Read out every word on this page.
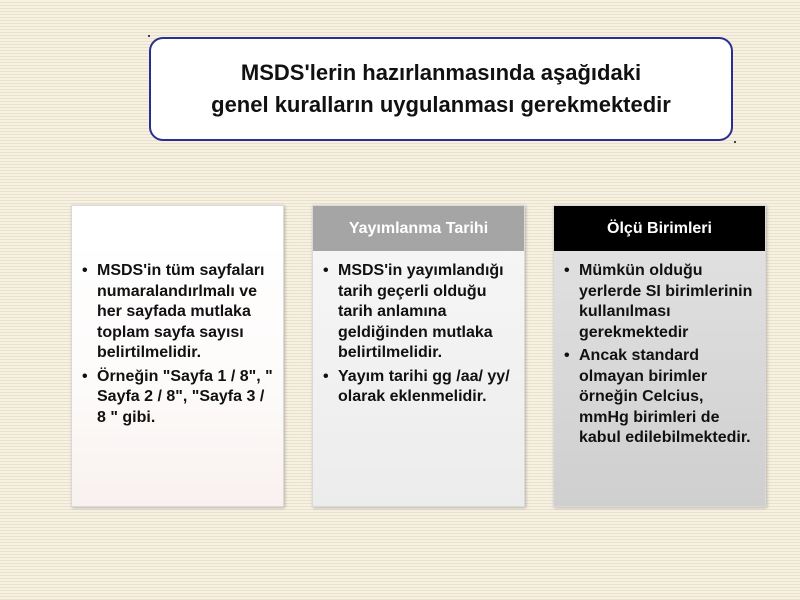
MSDS'lerin hazırlanmasında aşağıdaki
genel kuralların uygulanması gerekmektedir
• MSDS'in tüm sayfaları numaralandırlmalı ve her sayfada mutlaka toplam sayfa sayısı belirtilmelidir.
• Örneğin "Sayfa 1 / 8", " Sayfa 2 / 8", "Sayfa 3 / 8 " gibi.
Yayımlanma Tarihi
• MSDS'in yayımlandığı tarih geçerli olduğu tarih anlamına geldiğinden mutlaka belirtilmelidir.
• Yayım tarihi gg /aa/ yy/ olarak eklenmelidir.
Ölçü Birimleri
• Mümkün olduğu yerlerde SI birimlerinin kullanılması gerekmektedir
• Ancak standard olmayan birimler örneğin Celcius, mmHg birimleri de kabul edilebilmektedir.
